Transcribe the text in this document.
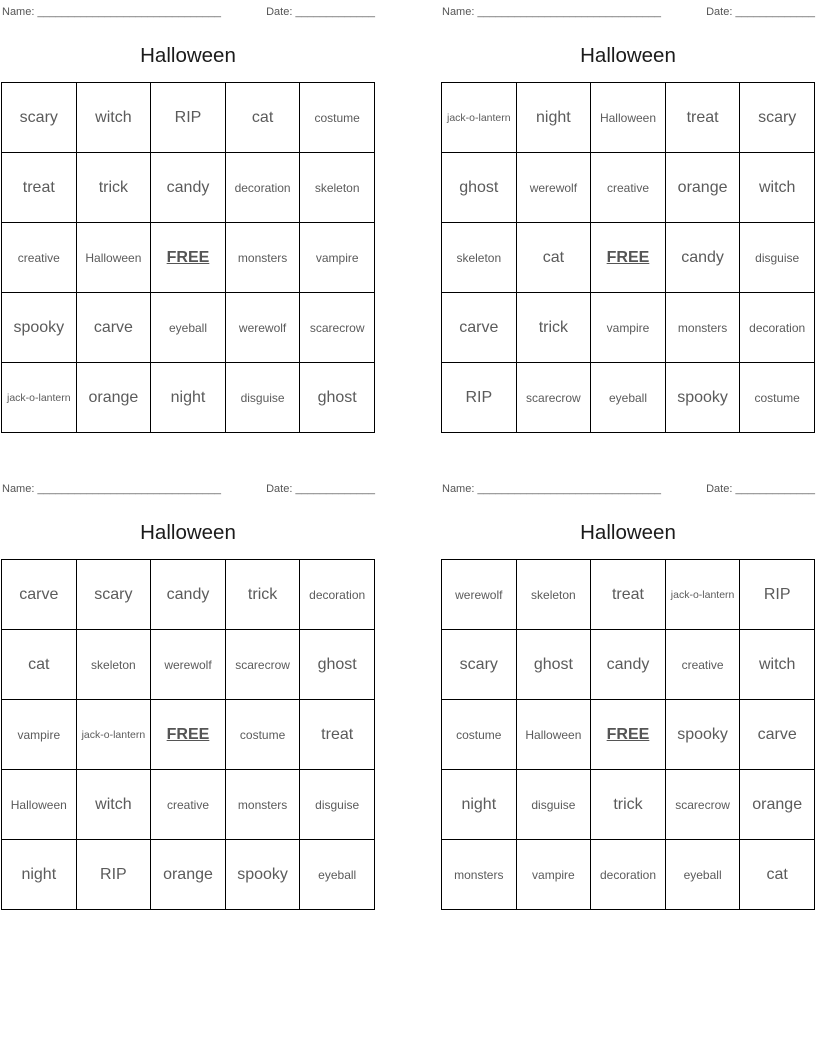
Name: ______________________________	Date: _____________
Halloween
scary	witch	RIP	cat	costume
treat	trick	candy	decoration	skeleton
creative	Halloween	FREE	monsters	vampire
spooky	carve	eyeball	werewolf	scarecrow
jack-o-lantern	orange	night	disguise	ghost
Name: ______________________________	Date: _____________
Halloween
jack-o-lantern	night	Halloween	treat	scary
ghost	werewolf	creative	orange	witch
skeleton	cat	FREE	candy	disguise
carve	trick	vampire	monsters	decoration
RIP	scarecrow	eyeball	spooky	costume
Name: ______________________________	Date: _____________
Halloween
carve	scary	candy	trick	decoration
cat	skeleton	werewolf	scarecrow	ghost
vampire	jack-o-lantern	FREE	costume	treat
Halloween	witch	creative	monsters	disguise
night	RIP	orange	spooky	eyeball
Name: ______________________________	Date: _____________
Halloween
werewolf	skeleton	treat	jack-o-lantern	RIP
scary	ghost	candy	creative	witch
costume	Halloween	FREE	spooky	carve
night	disguise	trick	scarecrow	orange
monsters	vampire	decoration	eyeball	cat
